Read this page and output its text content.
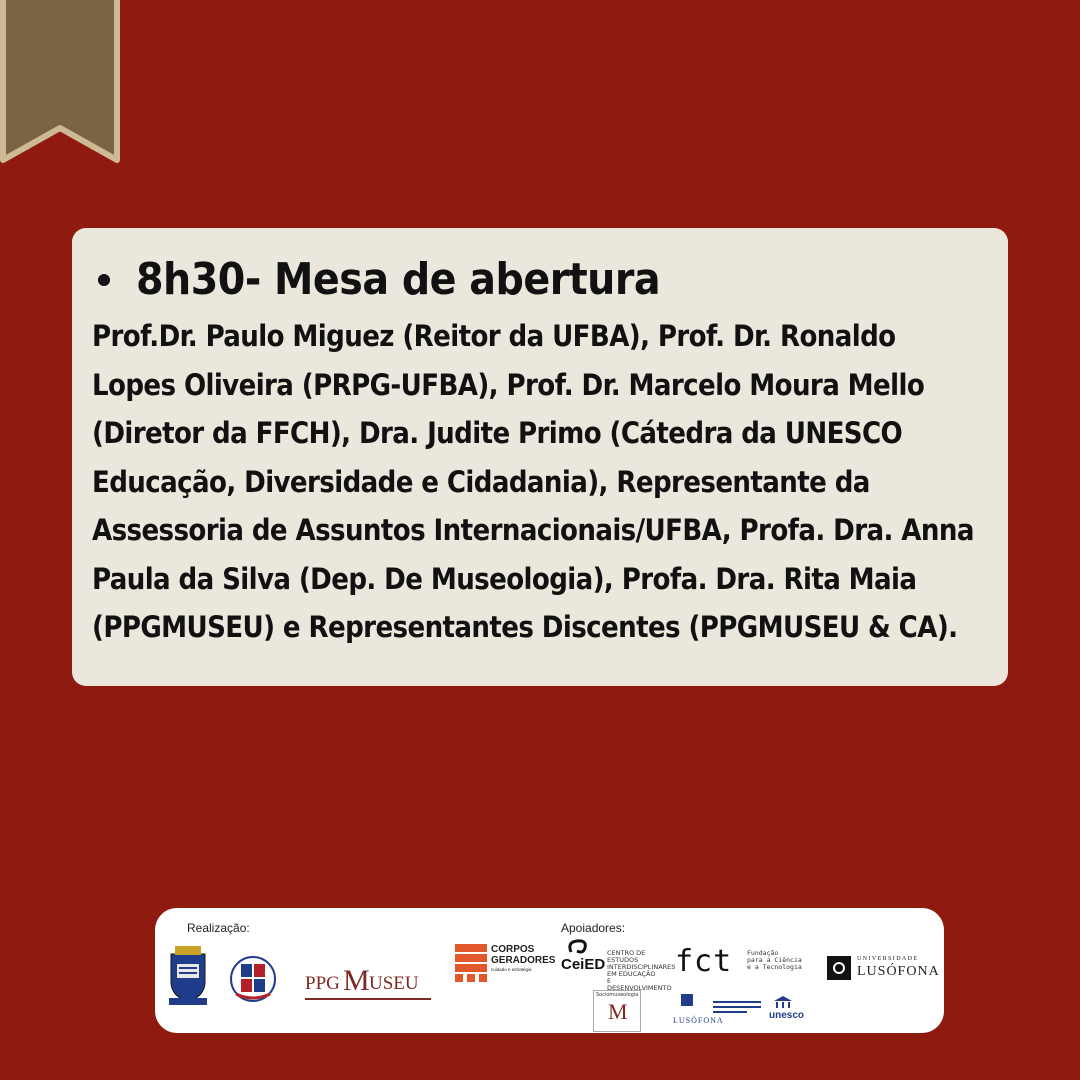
8h30- Mesa de abertura
Prof.Dr. Paulo Miguez (Reitor da UFBA), Prof. Dr. Ronaldo Lopes Oliveira (PRPG-UFBA), Prof. Dr. Marcelo Moura Mello (Diretor da FFCH), Dra. Judite Primo (Cátedra da UNESCO Educação, Diversidade e Cidadania), Representante da Assessoria de Assuntos Internacionais/UFBA, Profa. Dra. Anna Paula da Silva (Dep. De Museologia), Profa. Dra. Rita Maia (PPGMUSEU) e Representantes Discentes (PPGMUSEU & CA).
Realização:	Apoiadores:
PPG M USEU
CORPOS
GERADORES
cuidado e estratégia	CeiED
CENTRO DE ESTUDOS
INTERDISCIPLINARES
EM EDUCAÇÃO
E DESENVOLVIMENTO
fct Fundação
para a Ciência
e a Tecnologia
UNIVERSIDADE
LUSÓFONA
Sociomuseologia
M	LUSÓFONA	unesco
